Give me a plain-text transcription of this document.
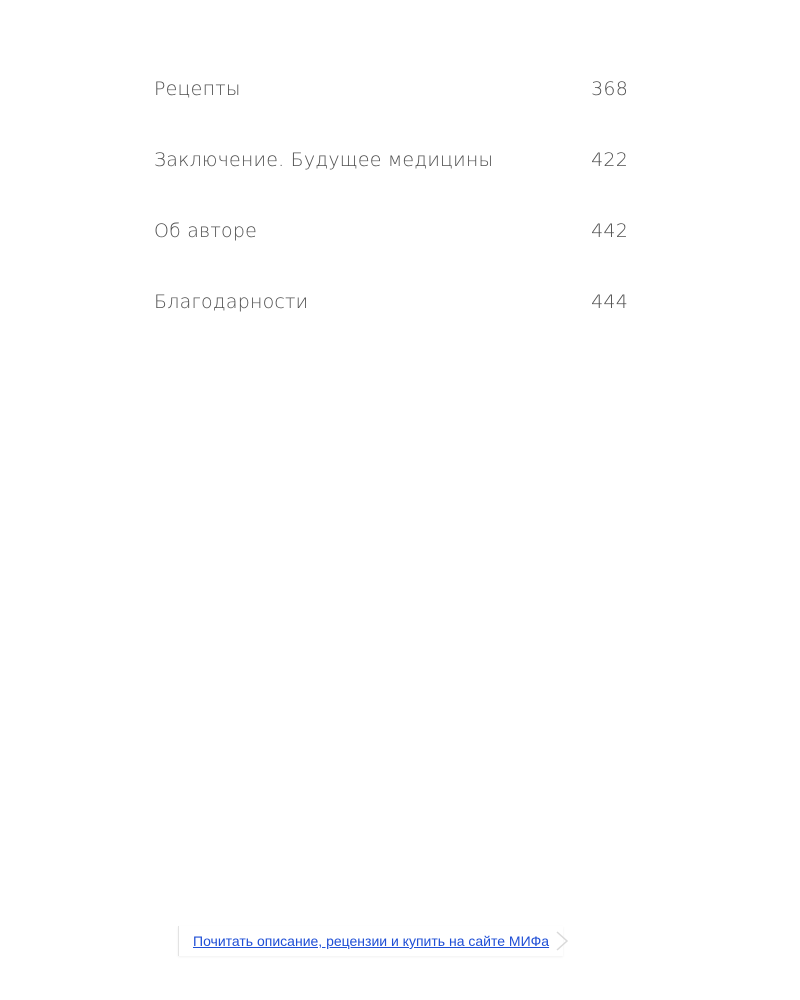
Рецепты	368
Заключение. Будущее медицины	422
Об авторе	442
Благодарности	444
Почитать описание, рецензии и купить на сайте МИФа
